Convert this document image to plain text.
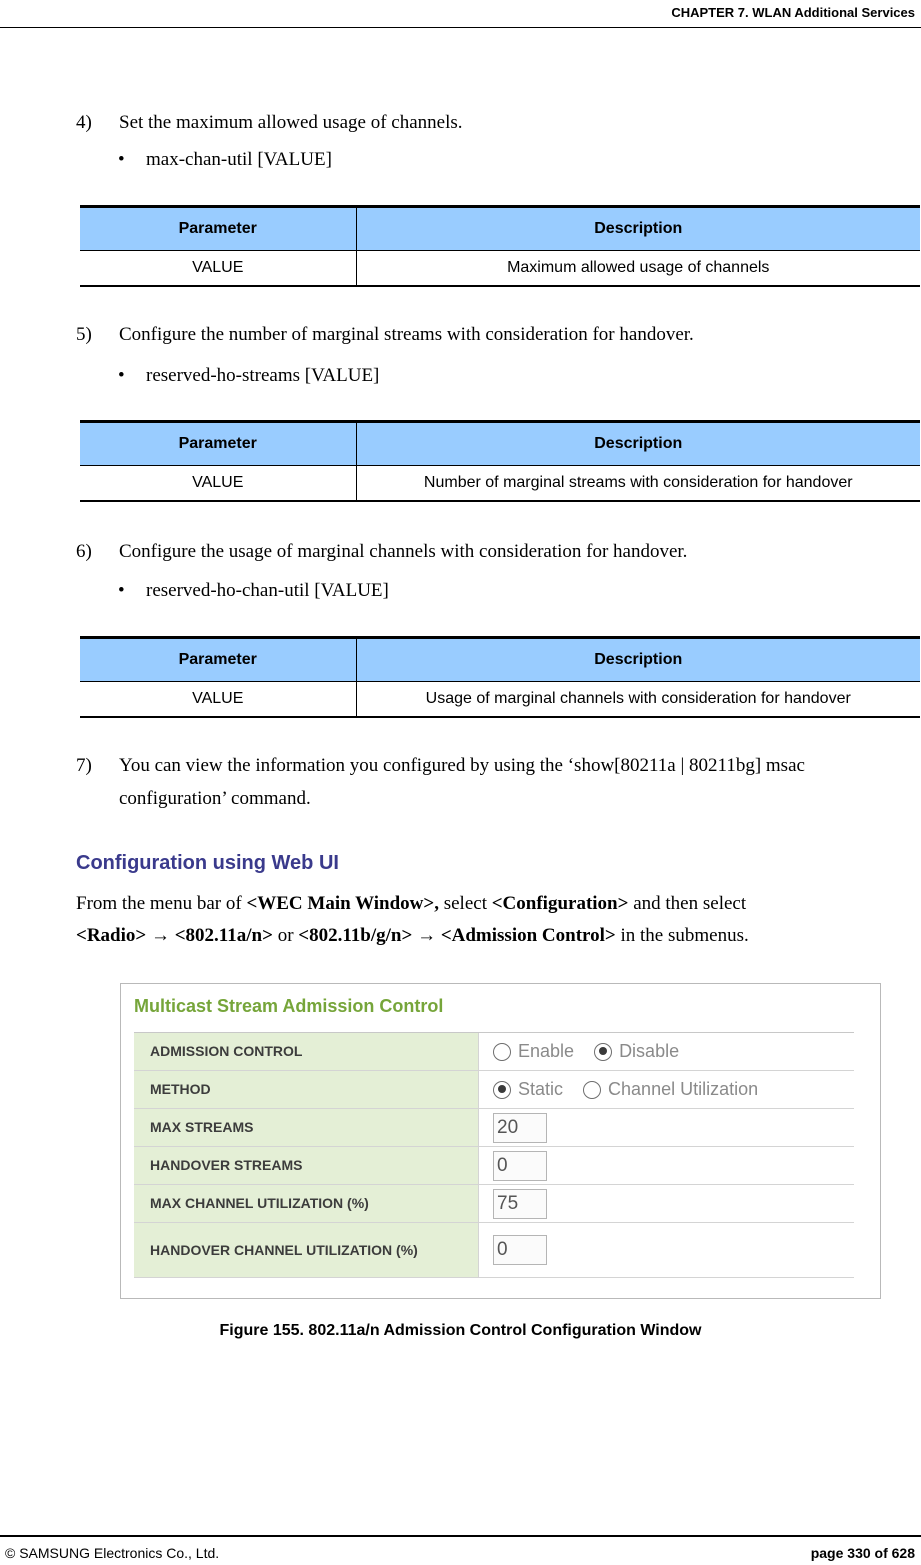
CHAPTER 7. WLAN Additional Services
4) Set the maximum allowed usage of channels.
• max-chan-util [VALUE]
Parameter	Description
VALUE	Maximum allowed usage of channels
5) Configure the number of marginal streams with consideration for handover.
• reserved-ho-streams [VALUE]
Parameter	Description
VALUE	Number of marginal streams with consideration for handover
6) Configure the usage of marginal channels with consideration for handover.
• reserved-ho-chan-util [VALUE]
Parameter	Description
VALUE	Usage of marginal channels with consideration for handover
7) You can view the information you configured by using the ‘show[80211a | 80211bg] msac configuration’ command.
Configuration using Web UI
From the menu bar of <WEC Main Window>, select <Configuration> and then select
<Radio> → <802.11a/n> or <802.11b/g/n> → <Admission Control> in the submenus.
Multicast Stream Admission Control
ADMISSION CONTROL	Enable	Disable
METHOD	Static	Channel Utilization
MAX STREAMS	20
HANDOVER STREAMS	0
MAX CHANNEL UTILIZATION (%)	75
HANDOVER CHANNEL UTILIZATION (%)	0
Figure 155. 802.11a/n Admission Control Configuration Window
© SAMSUNG Electronics Co., Ltd.	page 330 of 628
